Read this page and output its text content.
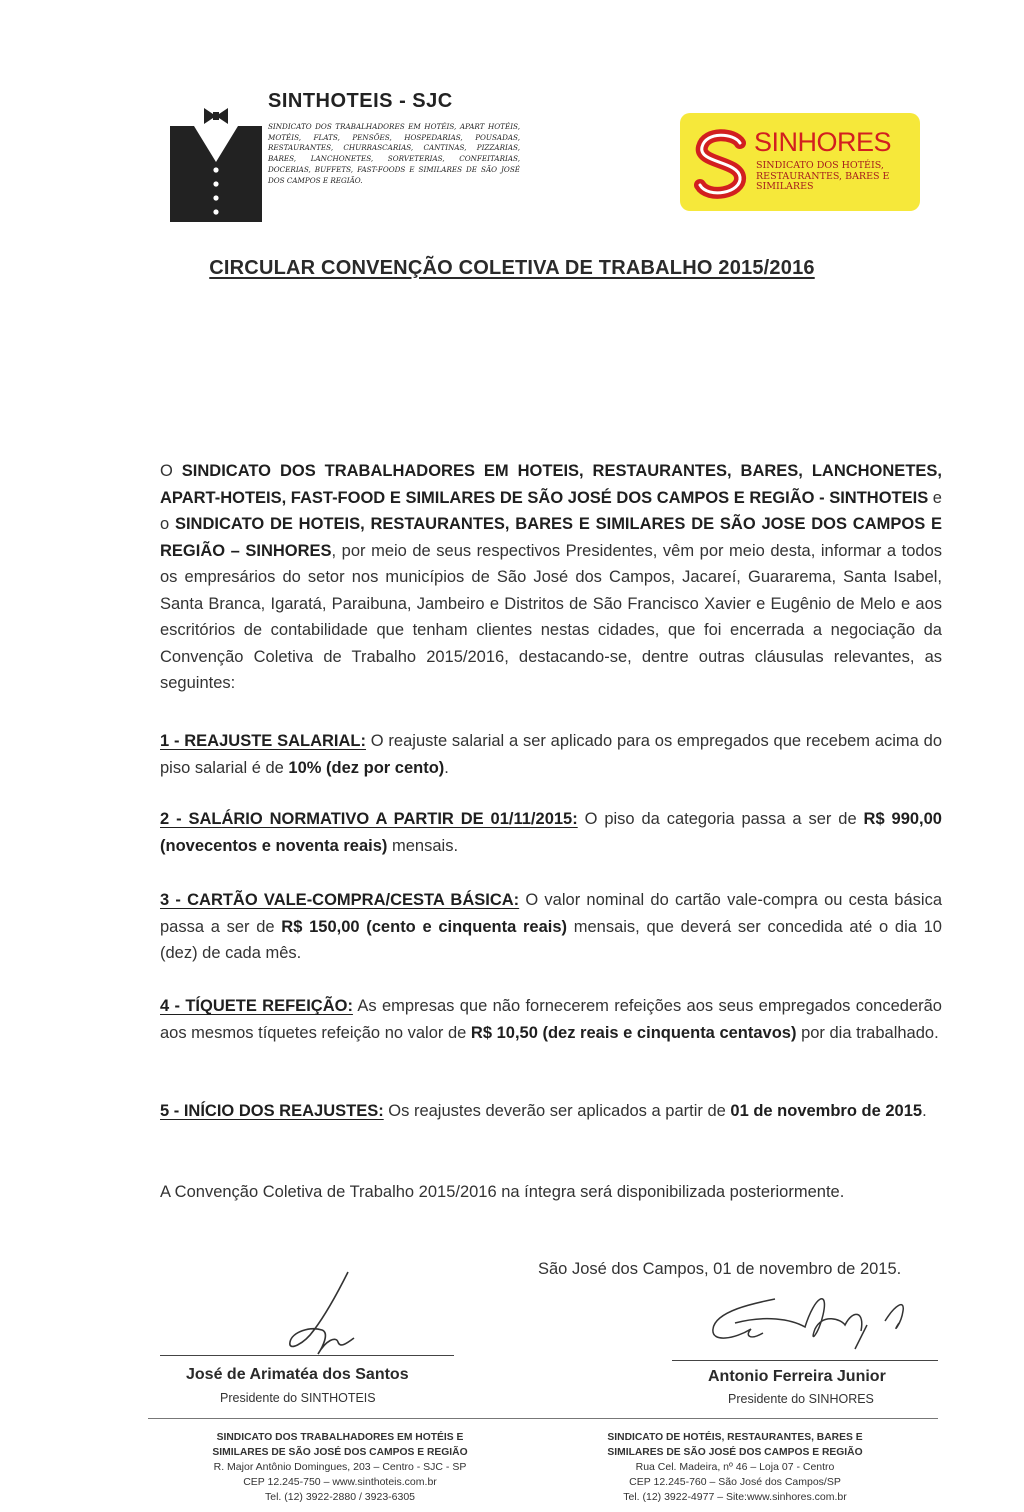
SINTHOTEIS - SJC
SINDICATO DOS TRABALHADORES EM HOTÉIS, APART HOTÉIS, MOTÉIS, FLATS, PENSÕES, HOSPEDARIAS, POUSADAS, RESTAURANTES, CHURRASCARIAS, CANTINAS, PIZZARIAS, BARES, LANCHONETES, SORVETERIAS, CONFEITARIAS, DOCERIAS, BUFFETS, FAST-FOODS E SIMILARES DE SÃO JOSÉ DOS CAMPOS E REGIÃO.
SINHORES
SINDICATO DOS HOTÉIS, RESTAURANTES, BARES E SIMILARES
CIRCULAR CONVENÇÃO COLETIVA DE TRABALHO 2015/2016
O SINDICATO DOS TRABALHADORES EM HOTEIS, RESTAURANTES, BARES, LANCHONETES, APART-HOTEIS, FAST-FOOD E SIMILARES DE SÃO JOSÉ DOS CAMPOS E REGIÃO - SINTHOTEIS e o SINDICATO DE HOTEIS, RESTAURANTES, BARES E SIMILARES DE SÃO JOSE DOS CAMPOS E REGIÃO – SINHORES, por meio de seus respectivos Presidentes, vêm por meio desta, informar a todos os empresários do setor nos municípios de São José dos Campos, Jacareí, Guararema, Santa Isabel, Santa Branca, Igaratá, Paraibuna, Jambeiro e Distritos de São Francisco Xavier e Eugênio de Melo e aos escritórios de contabilidade que tenham clientes nestas cidades, que foi encerrada a negociação da Convenção Coletiva de Trabalho 2015/2016, destacando-se, dentre outras cláusulas relevantes, as seguintes:
1 - REAJUSTE SALARIAL: O reajuste salarial a ser aplicado para os empregados que recebem acima do piso salarial é de 10% (dez por cento).
2 - SALÁRIO NORMATIVO A PARTIR DE 01/11/2015: O piso da categoria passa a ser de R$ 990,00 (novecentos e noventa reais) mensais.
3 - CARTÃO VALE-COMPRA/CESTA BÁSICA: O valor nominal do cartão vale-compra ou cesta básica passa a ser de R$ 150,00 (cento e cinquenta reais) mensais, que deverá ser concedida até o dia 10 (dez) de cada mês.
4 - TÍQUETE REFEIÇÃO: As empresas que não fornecerem refeições aos seus empregados concederão aos mesmos tíquetes refeição no valor de R$ 10,50 (dez reais e cinquenta centavos) por dia trabalhado.
5 - INÍCIO DOS REAJUSTES: Os reajustes deverão ser aplicados a partir de 01 de novembro de 2015.
A Convenção Coletiva de Trabalho 2015/2016 na íntegra será disponibilizada posteriormente.
São José dos Campos, 01 de novembro de 2015.
José de Arimatéa dos Santos
Presidente do SINTHOTEIS
Antonio Ferreira Junior
Presidente do SINHORES
SINDICATO DOS TRABALHADORES EM HOTÉIS E
SIMILARES DE SÃO JOSÉ DOS CAMPOS E REGIÃO
R. Major Antônio Domingues, 203 – Centro - SJC - SP
CEP 12.245-750 – www.sinthoteis.com.br
Tel. (12) 3922-2880 / 3923-6305
SINDICATO DE HOTÉIS, RESTAURANTES, BARES E
SIMILARES DE SÃO JOSÉ DOS CAMPOS E REGIÃO
Rua Cel. Madeira, nº 46 – Loja 07 - Centro
CEP 12.245-760 – São José dos Campos/SP
Tel. (12) 3922-4977 – Site:www.sinhores.com.br
